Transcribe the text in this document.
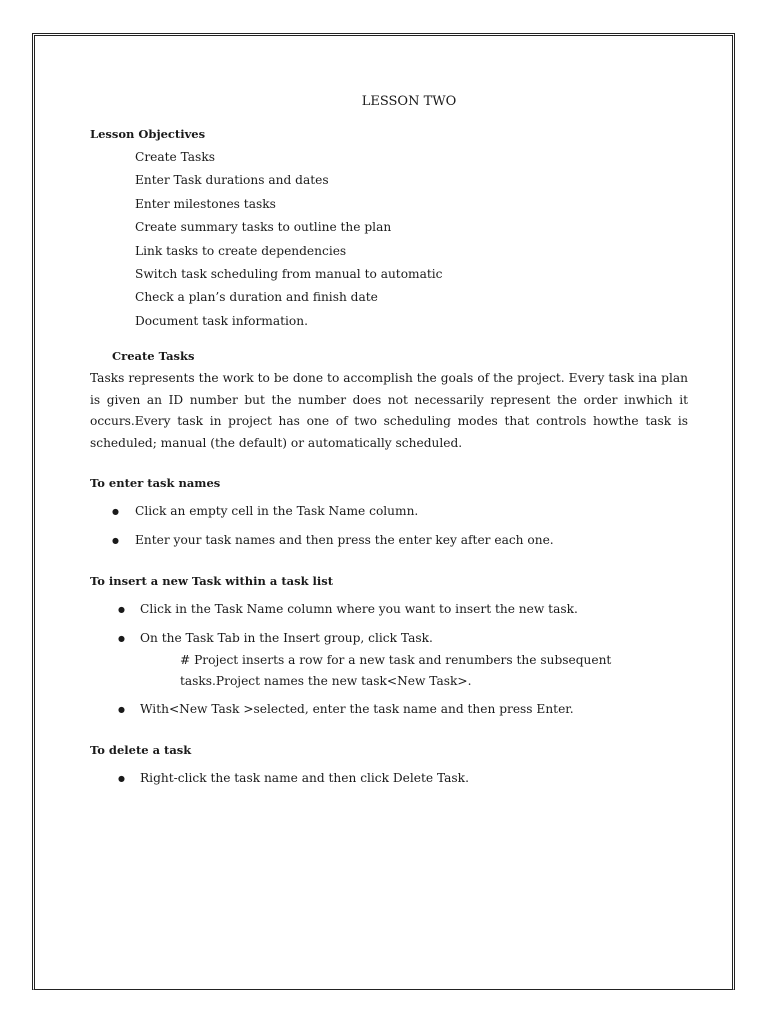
LESSON TWO
Lesson Objectives
Create Tasks
Enter Task durations and dates
Enter milestones tasks
Create summary tasks to outline the plan
Link tasks to create dependencies
Switch task scheduling from manual to automatic
Check a plan’s duration and finish date
Document task information.
Create Tasks

Tasks represents the work to be done to accomplish the goals of the project. Every task ina plan is given an ID number but the number does not necessarily represent the order inwhich it occurs.Every task in project has one of two scheduling modes that controls howthe task is scheduled; manual (the default) or automatically scheduled.

To enter task names
● Click an empty cell in the Task Name column.
● Enter your task names and then press the enter key after each one.
To insert a new Task within a task list
● Click in the Task Name column where you want to insert the new task.
● On the Task Tab in the Insert group, click Task.
# Project inserts a row for a new task and renumbers the subsequent tasks.Project names the new task<New Task>.
● With<New Task >selected, enter the task name and then press Enter.
To delete a task
● Right-click the task name and then click Delete Task.
